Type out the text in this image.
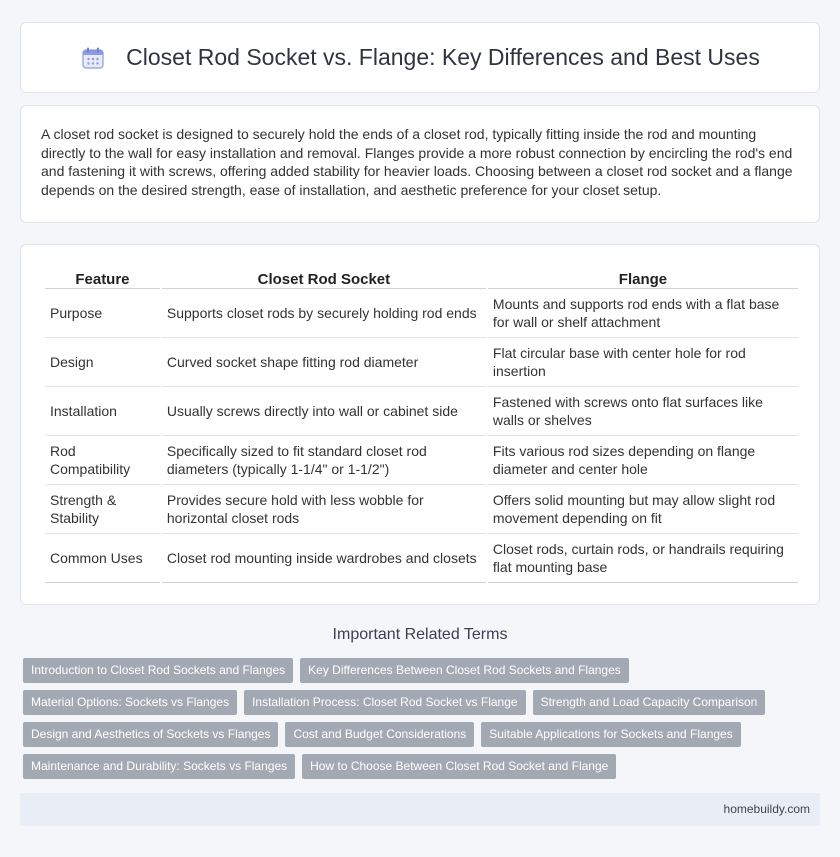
Closet Rod Socket vs. Flange: Key Differences and Best Uses

A closet rod socket is designed to securely hold the ends of a closet rod, typically fitting inside the rod and mounting directly to the wall for easy installation and removal. Flanges provide a more robust connection by encircling the rod's end and fastening it with screws, offering added stability for heavier loads. Choosing between a closet rod socket and a flange depends on the desired strength, ease of installation, and aesthetic preference for your closet setup.

Feature	Closet Rod Socket	Flange
Purpose	Supports closet rods by securely holding rod ends	Mounts and supports rod ends with a flat base for wall or shelf attachment
Design	Curved socket shape fitting rod diameter	Flat circular base with center hole for rod insertion
Installation	Usually screws directly into wall or cabinet side	Fastened with screws onto flat surfaces like walls or shelves
Rod Compatibility	Specifically sized to fit standard closet rod diameters (typically 1-1/4" or 1-1/2")	Fits various rod sizes depending on flange diameter and center hole
Strength & Stability	Provides secure hold with less wobble for horizontal closet rods	Offers solid mounting but may allow slight rod movement depending on fit
Common Uses	Closet rod mounting inside wardrobes and closets	Closet rods, curtain rods, or handrails requiring flat mounting base
Important Related Terms
Introduction to Closet Rod Sockets and Flanges	Key Differences Between Closet Rod Sockets and Flanges
Material Options: Sockets vs Flanges	Installation Process: Closet Rod Socket vs Flange	Strength and Load Capacity Comparison
Design and Aesthetics of Sockets vs Flanges	Cost and Budget Considerations	Suitable Applications for Sockets and Flanges
Maintenance and Durability: Sockets vs Flanges	How to Choose Between Closet Rod Socket and Flange
homebuildy.com
